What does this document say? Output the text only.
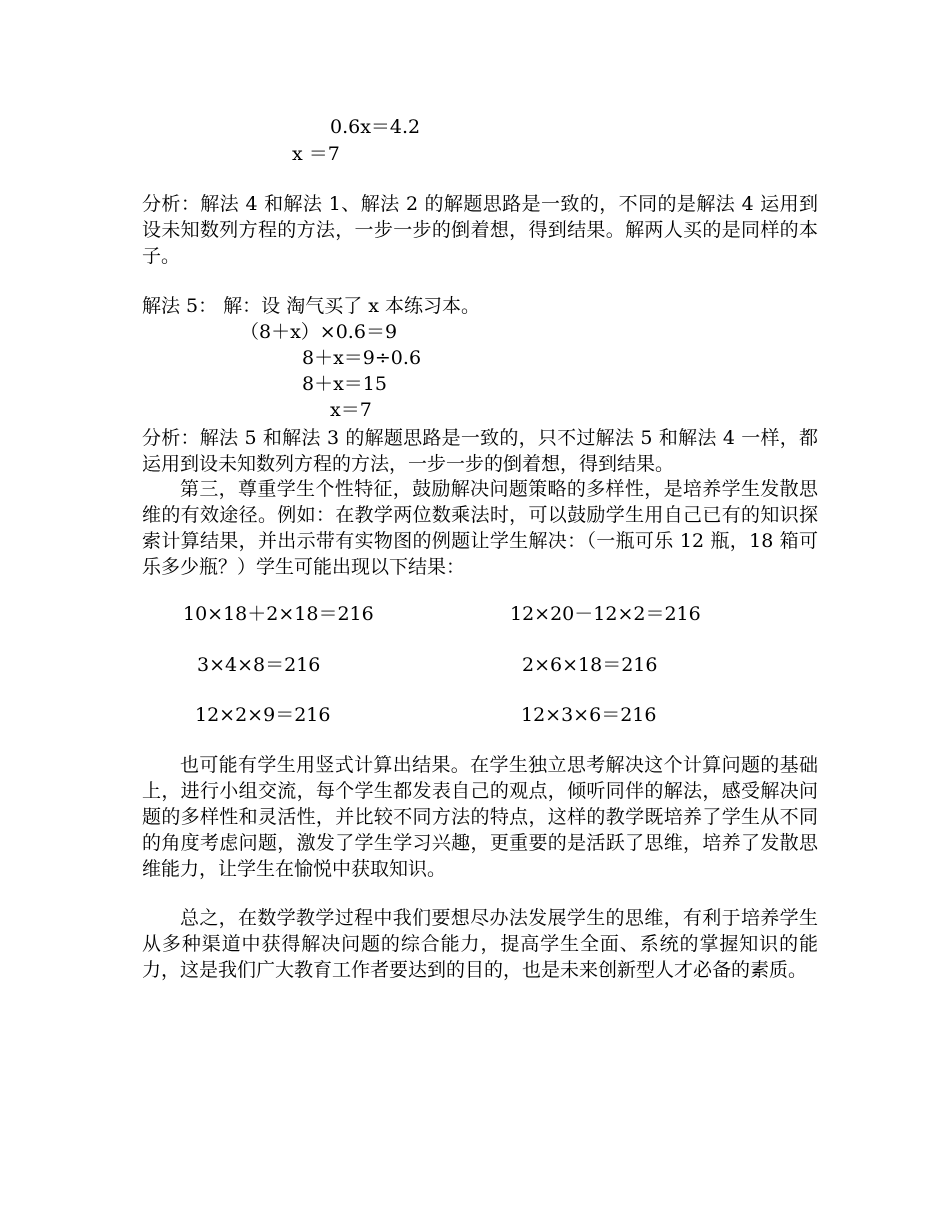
0.6x＝4.2
x ＝7
分析：解法 4 和解法 1、解法 2 的解题思路是一致的，不同的是解法 4 运用到设未知数列方程的方法，一步一步的倒着想，得到结果。解两人买的是同样的本子。
解法 5： 解：设 淘气买了 x 本练习本。
（8＋x）×0.6＝9
8＋x＝9÷0.6
8＋x＝15
x＝7
分析：解法 5 和解法 3 的解题思路是一致的，只不过解法 5 和解法 4 一样，都运用到设未知数列方程的方法，一步一步的倒着想，得到结果。
第三，尊重学生个性特征，鼓励解决问题策略的多样性，是培养学生发散思维的有效途径。例如：在教学两位数乘法时，可以鼓励学生用自己已有的知识探索计算结果，并出示带有实物图的例题让学生解决：（一瓶可乐 12 瓶，18 箱可乐多少瓶？）学生可能出现以下结果：
10×18＋2×18＝216	12×20－12×2＝216
3×4×8＝216	2×6×18＝216
12×2×9＝216	12×3×6＝216
也可能有学生用竖式计算出结果。在学生独立思考解决这个计算问题的基础上，进行小组交流，每个学生都发表自己的观点，倾听同伴的解法，感受解决问题的多样性和灵活性，并比较不同方法的特点，这样的教学既培养了学生从不同的角度考虑问题，激发了学生学习兴趣，更重要的是活跃了思维，培养了发散思维能力，让学生在愉悦中获取知识。
总之，在数学教学过程中我们要想尽办法发展学生的思维，有利于培养学生从多种渠道中获得解决问题的综合能力，提高学生全面、系统的掌握知识的能力，这是我们广大教育工作者要达到的目的，也是未来创新型人才必备的素质。
